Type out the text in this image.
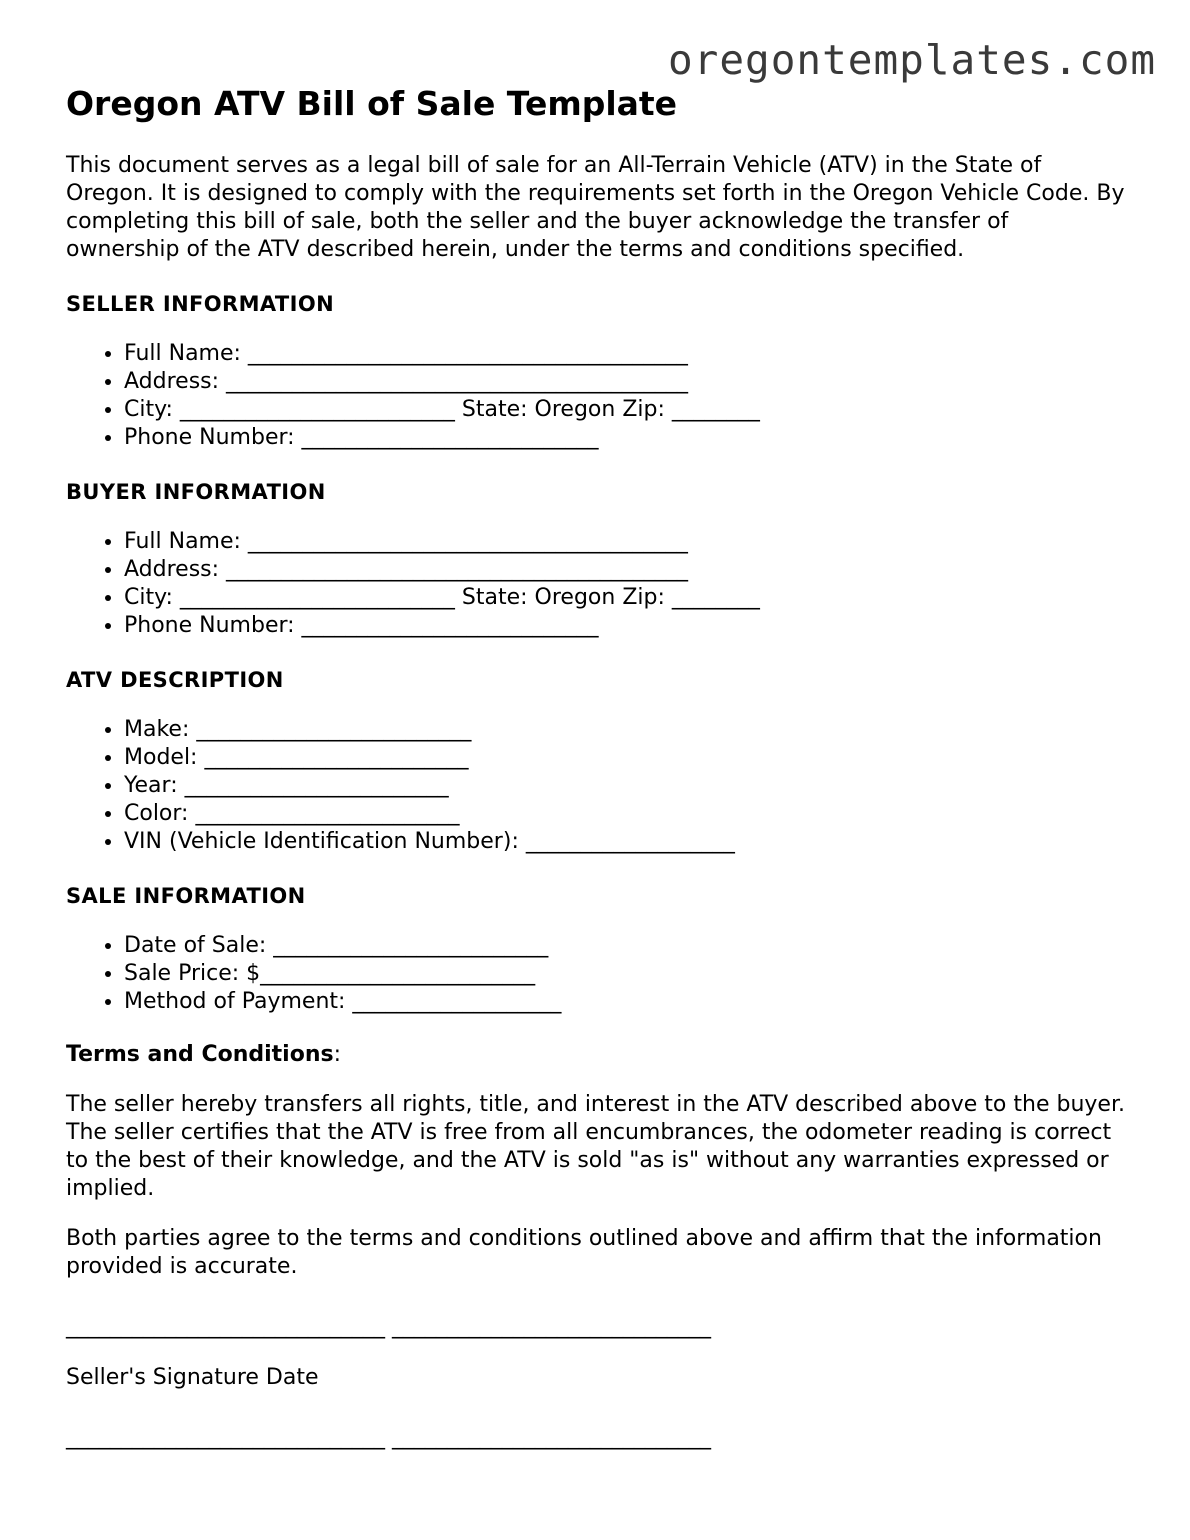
oregontemplates.com
Oregon ATV Bill of Sale Template

This document serves as a legal bill of sale for an All-Terrain Vehicle (ATV) in the State of Oregon. It is designed to comply with the requirements set forth in the Oregon Vehicle Code. By completing this bill of sale, both the seller and the buyer acknowledge the transfer of ownership of the ATV described herein, under the terms and conditions specified.

SELLER INFORMATION
• Full Name: ________________________________________
• Address: __________________________________________
• City: _________________________ State: Oregon Zip: ________
• Phone Number: ___________________________
BUYER INFORMATION
• Full Name: ________________________________________
• Address: __________________________________________
• City: _________________________ State: Oregon Zip: ________
• Phone Number: ___________________________
ATV DESCRIPTION
• Make: _________________________
• Model: ________________________
• Year: ________________________
• Color: ________________________
• VIN (Vehicle Identification Number): ___________________
SALE INFORMATION
• Date of Sale: _________________________
• Sale Price: $_________________________
• Method of Payment: ___________________
Terms and Conditions:

The seller hereby transfers all rights, title, and interest in the ATV described above to the buyer. The seller certifies that the ATV is free from all encumbrances, the odometer reading is correct to the best of their knowledge, and the ATV is sold "as is" without any warranties expressed or implied.

Both parties agree to the terms and conditions outlined above and affirm that the information provided is accurate.

_____________________________ _____________________________
Seller's Signature Date
_____________________________ _____________________________
